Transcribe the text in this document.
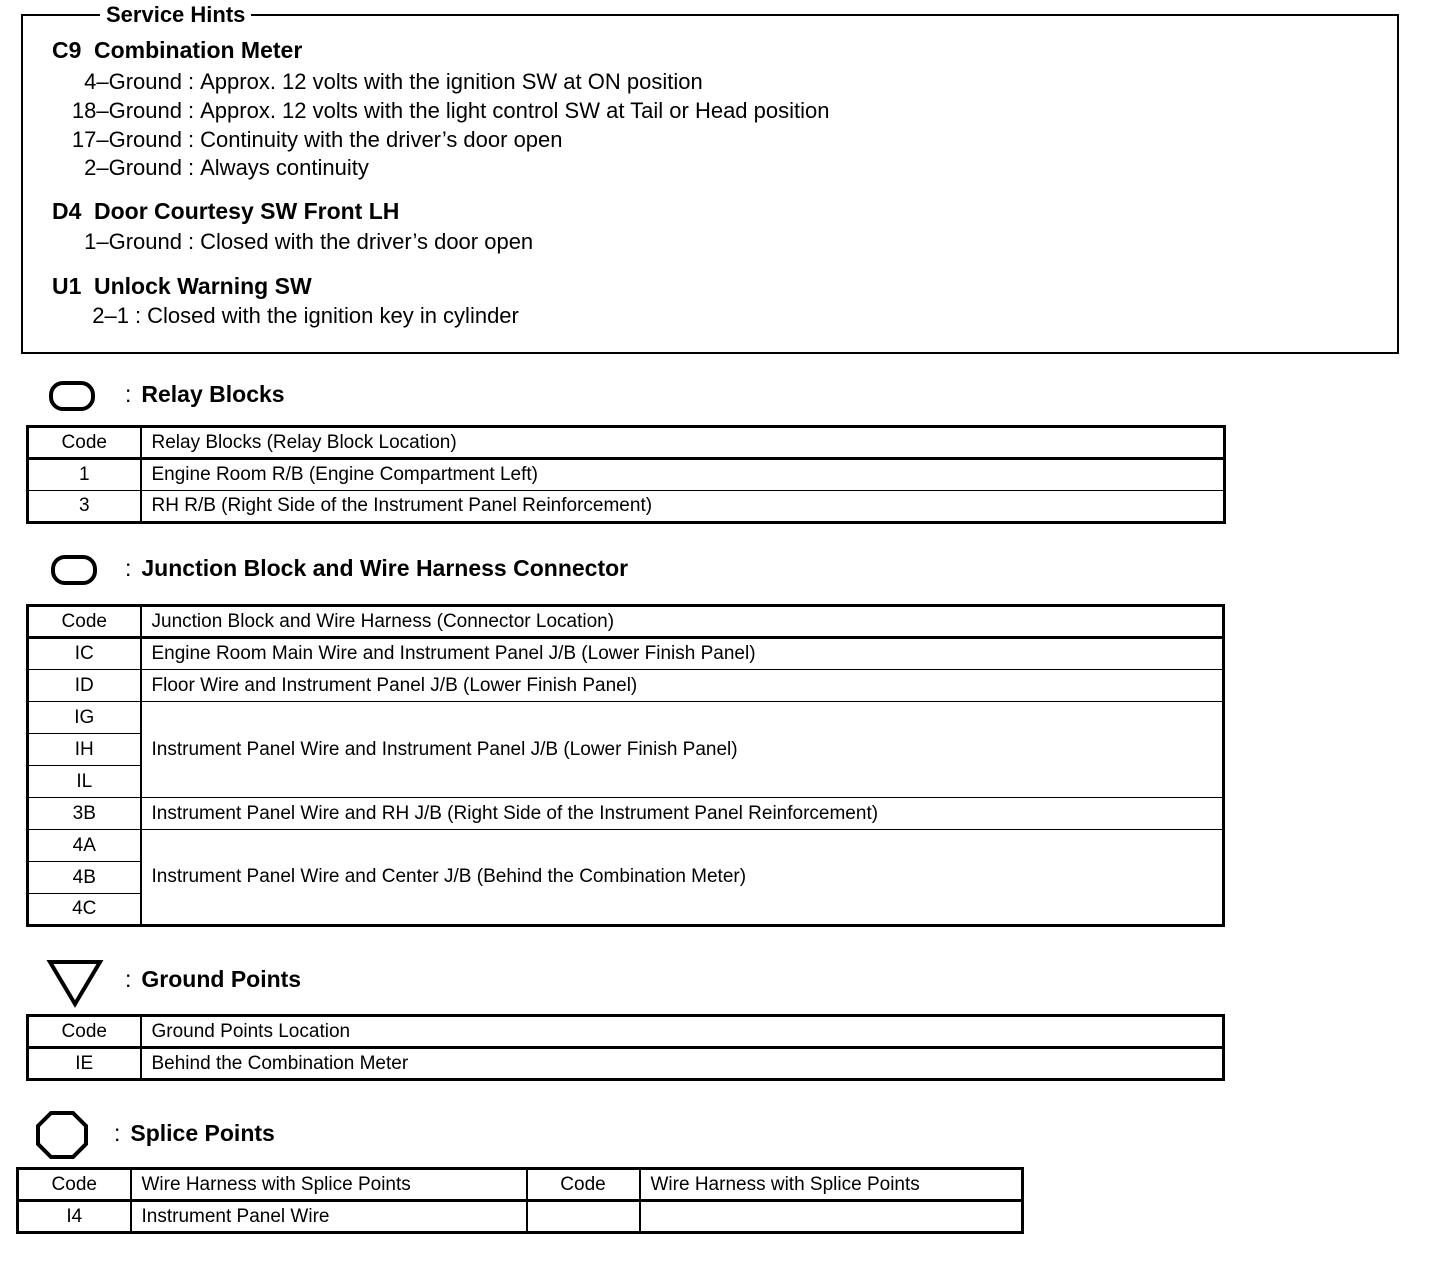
Service Hints
C9 Combination Meter
4–Ground : Approx. 12 volts with the ignition SW at ON position
18–Ground : Approx. 12 volts with the light control SW at Tail or Head position
17–Ground : Continuity with the driver’s door open
2–Ground : Always continuity
D4 Door Courtesy SW Front LH
1–Ground : Closed with the driver’s door open
U1 Unlock Warning SW
2–1 : Closed with the ignition key in cylinder
: Relay Blocks
Code	Relay Blocks (Relay Block Location)
1	Engine Room R/B (Engine Compartment Left)
3	RH R/B (Right Side of the Instrument Panel Reinforcement)
: Junction Block and Wire Harness Connector
Code	Junction Block and Wire Harness (Connector Location)
IC	Engine Room Main Wire and Instrument Panel J/B (Lower Finish Panel)
ID	Floor Wire and Instrument Panel J/B (Lower Finish Panel)
IG	Instrument Panel Wire and Instrument Panel J/B (Lower Finish Panel)
IH	
IL	
3B	Instrument Panel Wire and RH J/B (Right Side of the Instrument Panel Reinforcement)
4A	Instrument Panel Wire and Center J/B (Behind the Combination Meter)
4B	
4C	
: Ground Points
Code	Ground Points Location
IE	Behind the Combination Meter
: Splice Points
Code	Wire Harness with Splice Points	Code	Wire Harness with Splice Points
I4	Instrument Panel Wire		
